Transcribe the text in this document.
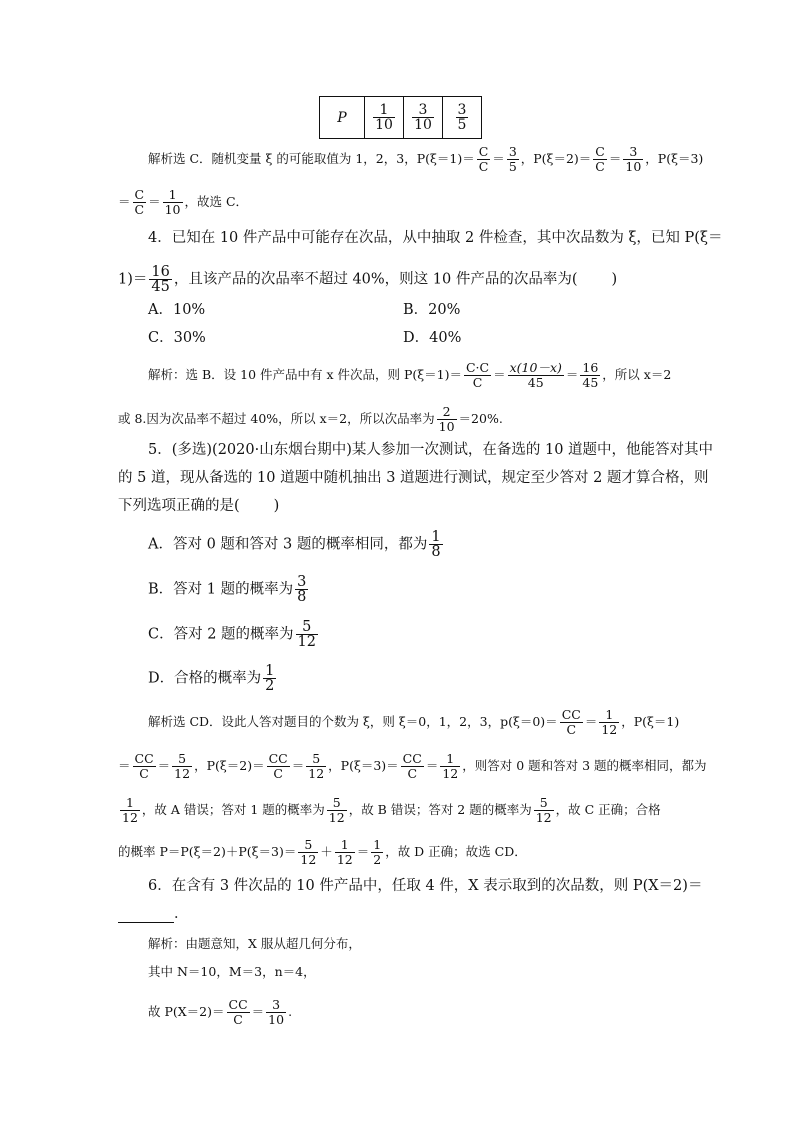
P	$\frac{1}{10}$	$\frac{3}{10}$	$\frac{3}{5}$
解析选 C．随机变量 ξ 的可能取值为 1，2，3，$P(\xi=1)= \frac{C}{C} = \frac{3}{5}$ ，$P(\xi=2)= \frac{C}{C} = \frac{3}{10}$ ，P(ξ＝3)
＝ $\frac{C}{C} = \frac{1}{10}$ ，故选 C．
4．已知在 10 件产品中可能存在次品，从中抽取 2 件检查，其中次品数为 ξ，已知 P(ξ＝
$1)= \frac{16}{45}$ ，且该产品的次品率不超过 40%，则这 10 件产品的次品率为( )
A．10%	B．20%
C．30%	D．40%
解析：选 B．设 10 件产品中有 x 件次品，则 $P(\xi=1)= \frac{C\cdot C}{C} = \frac{x(10-x)}{45} = \frac{16}{45}$ ，所以 x＝2
或 8.因为次品率不超过 40%，所以 x＝2，所以次品率为 $\frac{2}{10} =20\%$.
5．(多选)(2020·山东烟台期中)某人参加一次测试，在备选的 10 道题中，他能答对其中
的 5 道，现从备选的 10 道题中随机抽出 3 道题进行测试，规定至少答对 2 题才算合格，则
下列选项正确的是( )
A．答对 0 题和答对 3 题的概率相同，都为 $\frac{1}{8}$
B．答对 1 题的概率为 $\frac{3}{8}$
C．答对 2 题的概率为 $\frac{5}{12}$
D．合格的概率为 $\frac{1}{2}$
解析选 CD．设此人答对题目的个数为 ξ，则 ξ＝0，1，2，3，$p(\xi=0)= \frac{CC}{C} = \frac{1}{12}$ ，P(ξ＝1)
＝ $\frac{CC}{C} = \frac{5}{12}$ ，$P(\xi=2)= \frac{CC}{C} = \frac{5}{12}$ ，$P(\xi=3)= \frac{CC}{C} = \frac{1}{12}$ ，则答对 0 题和答对 3 题的概率相同，都为
$\frac{1}{12}$ ，故 A 错误；答对 1 题的概率为 $\frac{5}{12}$ ，故 B 错误；答对 2 题的概率为 $\frac{5}{12}$ ，故 C 正确；合格
的概率 $P=P(\xi=2)+P(\xi=3)= \frac{5}{12} + \frac{1}{12} = \frac{1}{2}$ ，故 D 正确；故选 CD．
6．在含有 3 件次品的 10 件产品中，任取 4 件，X 表示取到的次品数，则 P(X＝2)＝
．
解析：由题意知，X 服从超几何分布，
其中 N＝10，M＝3，n＝4，
故 $P(X=2)= \frac{CC}{C} = \frac{3}{10}$ .
